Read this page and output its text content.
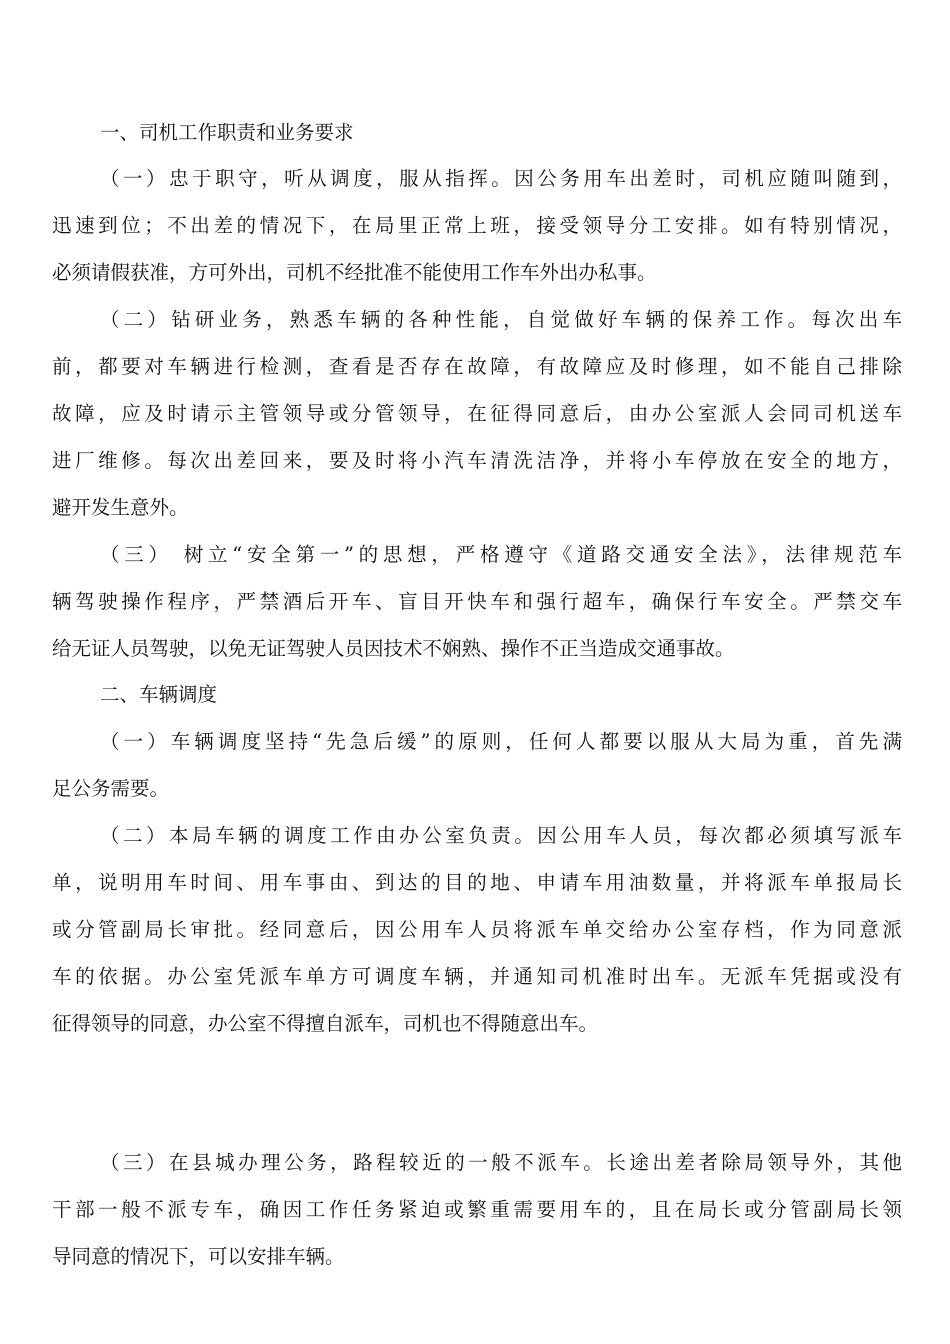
一、司机工作职责和业务要求
（一）忠于职守，听从调度，服从指挥。因公务用车出差时，司机应随叫随到，
迅速到位；不出差的情况下，在局里正常上班，接受领导分工安排。如有特别情况，
必须请假获准，方可外出，司机不经批准不能使用工作车外出办私事。
（二）钻研业务，熟悉车辆的各种性能，自觉做好车辆的保养工作。每次出车
前，都要对车辆进行检测，查看是否存在故障，有故障应及时修理，如不能自己排除
故障，应及时请示主管领导或分管领导，在征得同意后，由办公室派人会同司机送车
进厂维修。每次出差回来，要及时将小汽车清洗洁净，并将小车停放在安全的地方，
避开发生意外。
（三） 树立“安全第一”的思想，严格遵守《道路交通安全法》，法律规范车
辆驾驶操作程序，严禁酒后开车、盲目开快车和强行超车，确保行车安全。严禁交车
给无证人员驾驶，以免无证驾驶人员因技术不娴熟、操作不正当造成交通事故。
二、车辆调度
（一）车辆调度坚持“先急后缓”的原则，任何人都要以服从大局为重，首先满
足公务需要。
（二）本局车辆的调度工作由办公室负责。因公用车人员，每次都必须填写派车
单，说明用车时间、用车事由、到达的目的地、申请车用油数量，并将派车单报局长
或分管副局长审批。经同意后，因公用车人员将派车单交给办公室存档，作为同意派
车的依据。办公室凭派车单方可调度车辆，并通知司机准时出车。无派车凭据或没有
征得领导的同意，办公室不得擅自派车，司机也不得随意出车。
（三）在县城办理公务，路程较近的一般不派车。长途出差者除局领导外，其他
干部一般不派专车，确因工作任务紧迫或繁重需要用车的，且在局长或分管副局长领
导同意的情况下，可以安排车辆。
